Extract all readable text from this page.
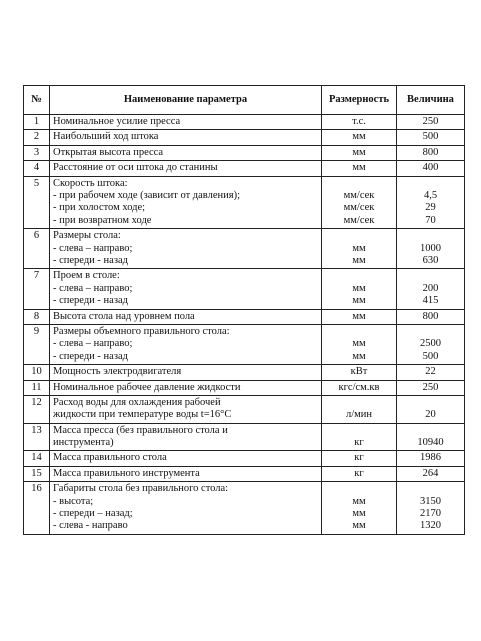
№	Наименование параметра	Размерность	Величина
1	Номинальное усилие пресса	т.с.	250

2	Наибольший ход штока	мм	500

3	Открытая высота пресса	мм	800

4	Расстояние от оси штока до станины	мм	400

5	Скорость штока:
- при рабочем ходе (зависит от давления);
- при холостом ходе;
- при возвратном ходе	мм/сек
мм/сек
мм/сек	4,5
29
70

6	Размеры стола:
- слева – направо;
- спереди - назад	мм
мм	1000
630

7	Проем в столе:
- слева – направо;
- спереди - назад	мм
мм	200
415

8	Высота стола над уровнем пола	мм	800

9	Размеры объемного правильного стола:
- слева – направо;
- спереди - назад	мм
мм	2500
500

10	Мощность электродвигателя	кВт	22

11	Номинальное рабочее давление жидкости	кгс/см.кв	250

12	Расход воды для охлаждения рабочей
жидкости при температуре воды t=16°С	л/мин	20

13	Масса пресса (без правильного стола и
инструмента)	кг	10940

14	Масса правильного стола	кг	1986

15	Масса правильного инструмента	кг	264

16	Габариты стола без правильного стола:
- высота;
- спереди – назад;
- слева - направо	мм
мм
мм	3150
2170
1320
